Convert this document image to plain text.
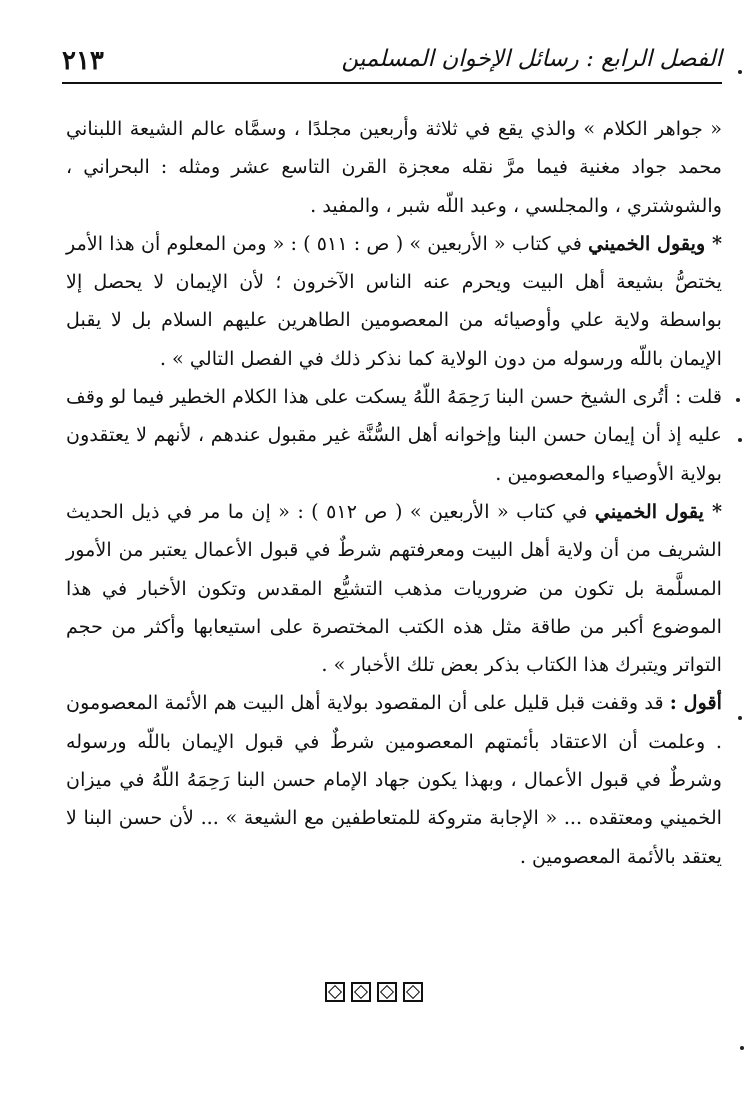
الفصل الرابع : رسائل الإخوان المسلمين
٢١٣

« جواهر الكلام » والذي يقع في ثلاثة وأربعين مجلدًا ، وسمَّاه عالم الشيعة اللبناني محمد جواد مغنية فيما مرَّ نقله معجزة القرن التاسع عشر ومثله : البحراني ، والشوشتري ، والمجلسي ، وعبد اللّه شبر ، والمفيد .

* ويقول الخميني في كتاب « الأربعين » ( ص : ٥١١ ) : « ومن المعلوم أن هذا الأمر يختصُّ بشيعة أهل البيت ويحرم عنه الناس الآخرون ؛ لأن الإيمان لا يحصل إلا بواسطة ولاية علي وأوصيائه من المعصومين الطاهرين عليهم السلام بل لا يقبل الإيمان باللّه ورسوله من دون الولاية كما نذكر ذلك في الفصل التالي » .

قلت : أتُرى الشيخ حسن البنا رَحِمَهُ اللّهُ يسكت على هذا الكلام الخطير فيما لو وقف عليه إذ أن إيمان حسن البنا وإخوانه أهل السُّنَّة غير مقبول عندهم ، لأنهم لا يعتقدون بولاية الأوصياء والمعصومين .

* يقول الخميني في كتاب « الأربعين » ( ص ٥١٢ ) : « إن ما مر في ذيل الحديث الشريف من أن ولاية أهل البيت ومعرفتهم شرطٌ في قبول الأعمال يعتبر من الأمور المسلَّمة بل تكون من ضروريات مذهب التشيُّع المقدس وتكون الأخبار في هذا الموضوع أكبر من طاقة مثل هذه الكتب المختصرة على استيعابها وأكثر من حجم التواتر ويتبرك هذا الكتاب بذكر بعض تلك الأخبار » .

أقول : قد وقفت قبل قليل على أن المقصود بولاية أهل البيت هم الأئمة المعصومون . وعلمت أن الاعتقاد بأئمتهم المعصومين شرطٌ في قبول الإيمان باللّه ورسوله وشرطٌ في قبول الأعمال ، وبهذا يكون جهاد الإمام حسن البنا رَحِمَهُ اللّهُ في ميزان الخميني ومعتقده ... « الإجابة متروكة للمتعاطفين مع الشيعة » ... لأن حسن البنا لا يعتقد بالأئمة المعصومين .
